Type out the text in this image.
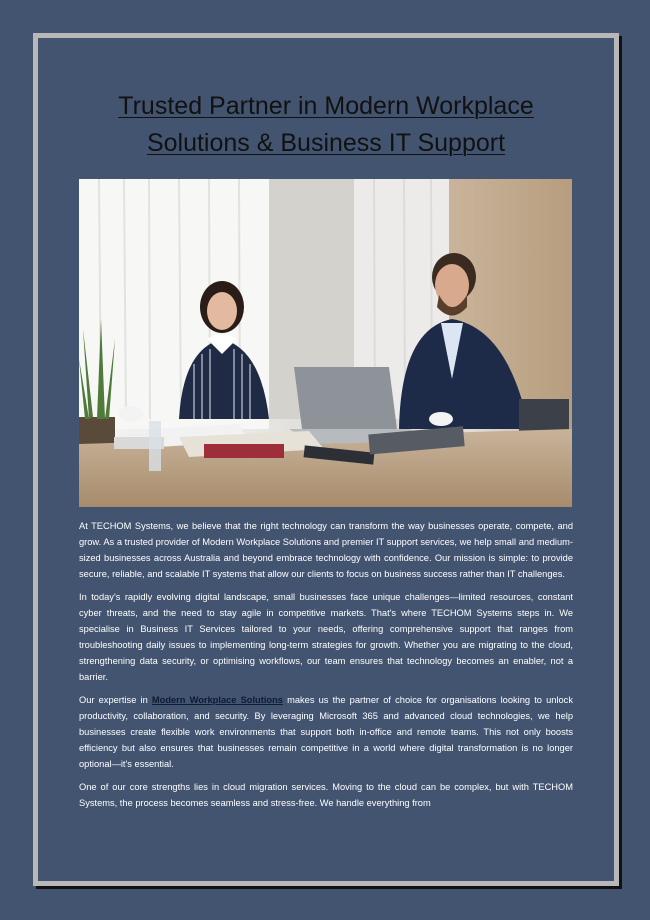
Trusted Partner in Modern Workplace
Solutions & Business IT Support

At TECHOM Systems, we believe that the right technology can transform the way businesses operate, compete, and grow. As a trusted provider of Modern Workplace Solutions and premier IT support services, we help small and medium-sized businesses across Australia and beyond embrace technology with confidence. Our mission is simple: to provide secure, reliable, and scalable IT systems that allow our clients to focus on business success rather than IT challenges.

In today's rapidly evolving digital landscape, small businesses face unique challenges—limited resources, constant cyber threats, and the need to stay agile in competitive markets. That's where TECHOM Systems steps in. We specialise in Business IT Services tailored to your needs, offering comprehensive support that ranges from troubleshooting daily issues to implementing long-term strategies for growth. Whether you are migrating to the cloud, strengthening data security, or optimising workflows, our team ensures that technology becomes an enabler, not a barrier.

Our expertise in Modern Workplace Solutions makes us the partner of choice for organisations looking to unlock productivity, collaboration, and security. By leveraging Microsoft 365 and advanced cloud technologies, we help businesses create flexible work environments that support both in-office and remote teams. This not only boosts efficiency but also ensures that businesses remain competitive in a world where digital transformation is no longer optional—it's essential.

One of our core strengths lies in cloud migration services. Moving to the cloud can be complex, but with TECHOM Systems, the process becomes seamless and stress-free. We handle everything from
